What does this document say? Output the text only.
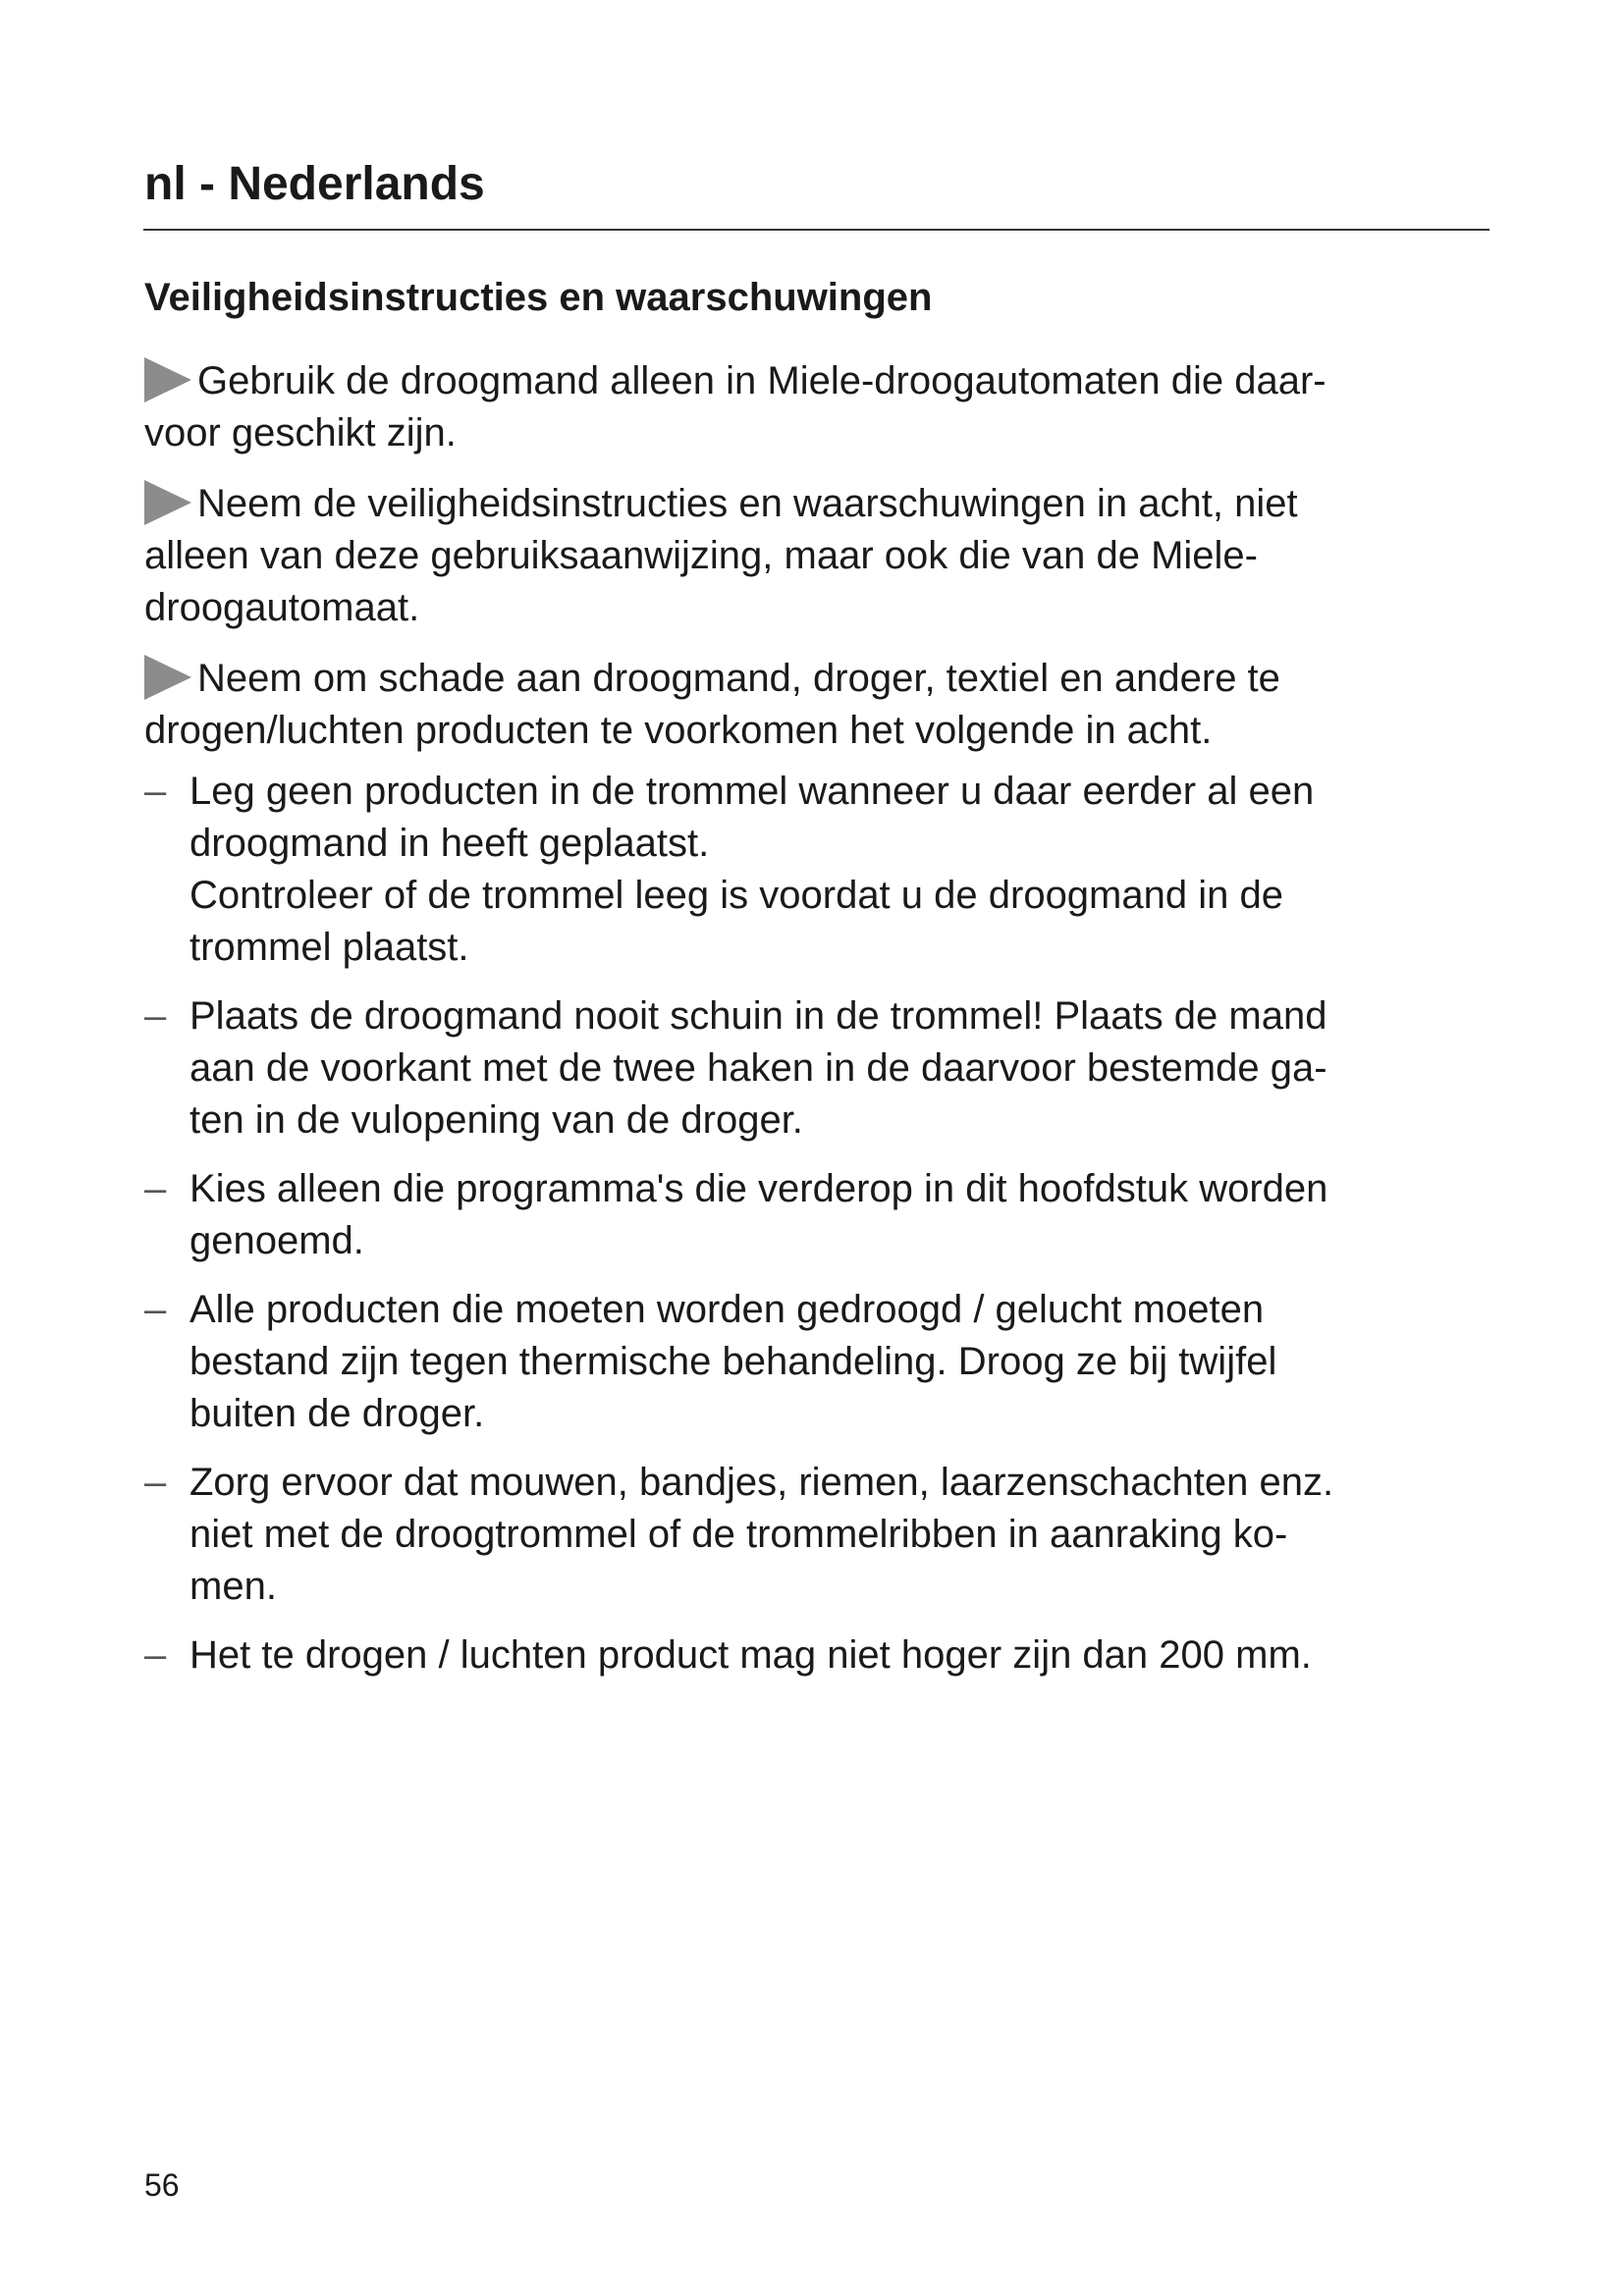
nl - Nederlands
Veiligheidsinstructies en waarschuwingen

Gebruik de droogmand alleen in Miele-droogautomaten die daar-
voor geschikt zijn.

Neem de veiligheidsinstructies en waarschuwingen in acht, niet
alleen van deze gebruiksaanwijzing, maar ook die van de Miele-
droogautomaat.

Neem om schade aan droogmand, droger, textiel en andere te
drogen/luchten producten te voorkomen het volgende in acht.

– Leg geen producten in de trommel wanneer u daar eerder al een
droogmand in heeft geplaatst.
Controleer of de trommel leeg is voordat u de droogmand in de
trommel plaatst.
– Plaats de droogmand nooit schuin in de trommel! Plaats de mand
aan de voorkant met de twee haken in de daarvoor bestemde ga-
ten in de vulopening van de droger.
– Kies alleen die programma's die verderop in dit hoofdstuk worden
genoemd.
– Alle producten die moeten worden gedroogd / gelucht moeten
bestand zijn tegen thermische behandeling. Droog ze bij twijfel
buiten de droger.
– Zorg ervoor dat mouwen, bandjes, riemen, laarzenschachten enz.
niet met de droogtrommel of de trommelribben in aanraking ko-
men.
– Het te drogen / luchten product mag niet hoger zijn dan 200 mm.
56
